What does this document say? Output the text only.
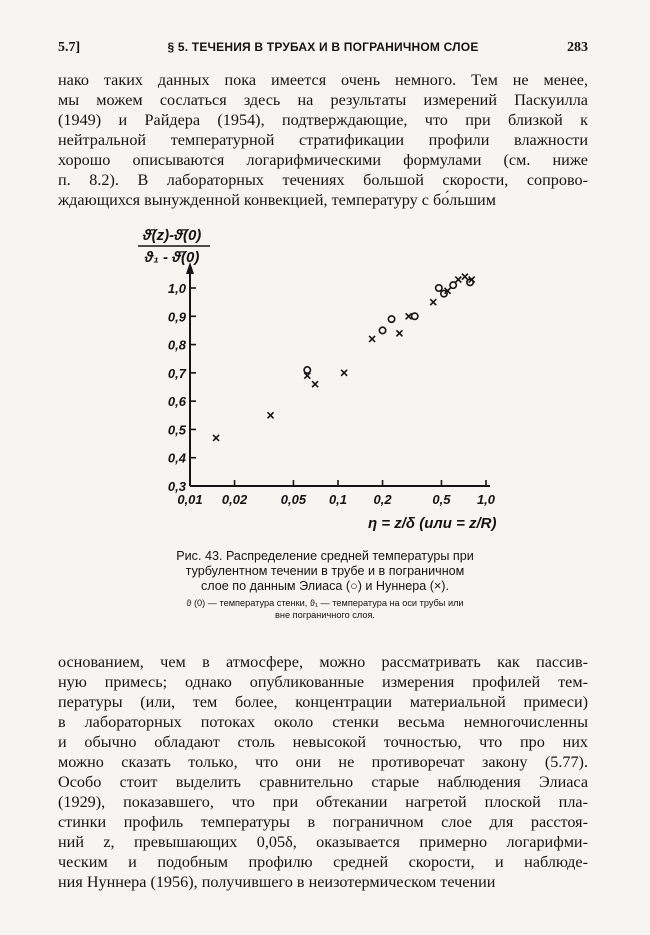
5.7]	§ 5. ТЕЧЕНИЯ В ТРУБАХ И В ПОГРАНИЧНОМ СЛОЕ	283
нако таких данных пока имеется очень немного. Тем не менее,
мы можем сослаться здесь на результаты измерений Паскуилла
(1949) и Райдера (1954), подтверждающие, что при близкой к
нейтральной температурной стратификации профили влажности
хорошо описываются логарифмическими формулами (см. ниже
п. 8.2). В лабораторных течениях большой скорости, сопрово-
ждающихся вынужденной конвекцией, температуру с бо́льшим
0,3
0,4
0,5
0,6
0,7
0,8
0,9
1,0
0,01 0,02	0,05 0,1 0,2	0,5 1,0
ϑ̄(z)-ϑ̄(0)
ϑ₁ - ϑ̄(0)
η = z/δ (или = z/R)
Рис. 43. Распределение средней температуры при
турбулентном течении в трубе и в пограничном
слое по данным Элиаса (○) и Нуннера (×).
ϑ (0) — температура стенки, ϑ₁ — температура на оси трубы или
вне пограничного слоя.
основанием, чем в атмосфере, можно рассматривать как пассив-
ную примесь; однако опубликованные измерения профилей тем-
пературы (или, тем более, концентрации материальной примеси)
в лабораторных потоках около стенки весьма немногочисленны
и обычно обладают столь невысокой точностью, что про них
можно сказать только, что они не противоречат закону (5.77).
Особо стоит выделить сравнительно старые наблюдения Элиаса
(1929), показавшего, что при обтекании нагретой плоской пла-
стинки профиль температуры в пограничном слое для расстоя-
ний z, превышающих 0,05δ, оказывается примерно логарифми-
ческим и подобным профилю средней скорости, и наблюде-
ния Нуннера (1956), получившего в неизотермическом течении
